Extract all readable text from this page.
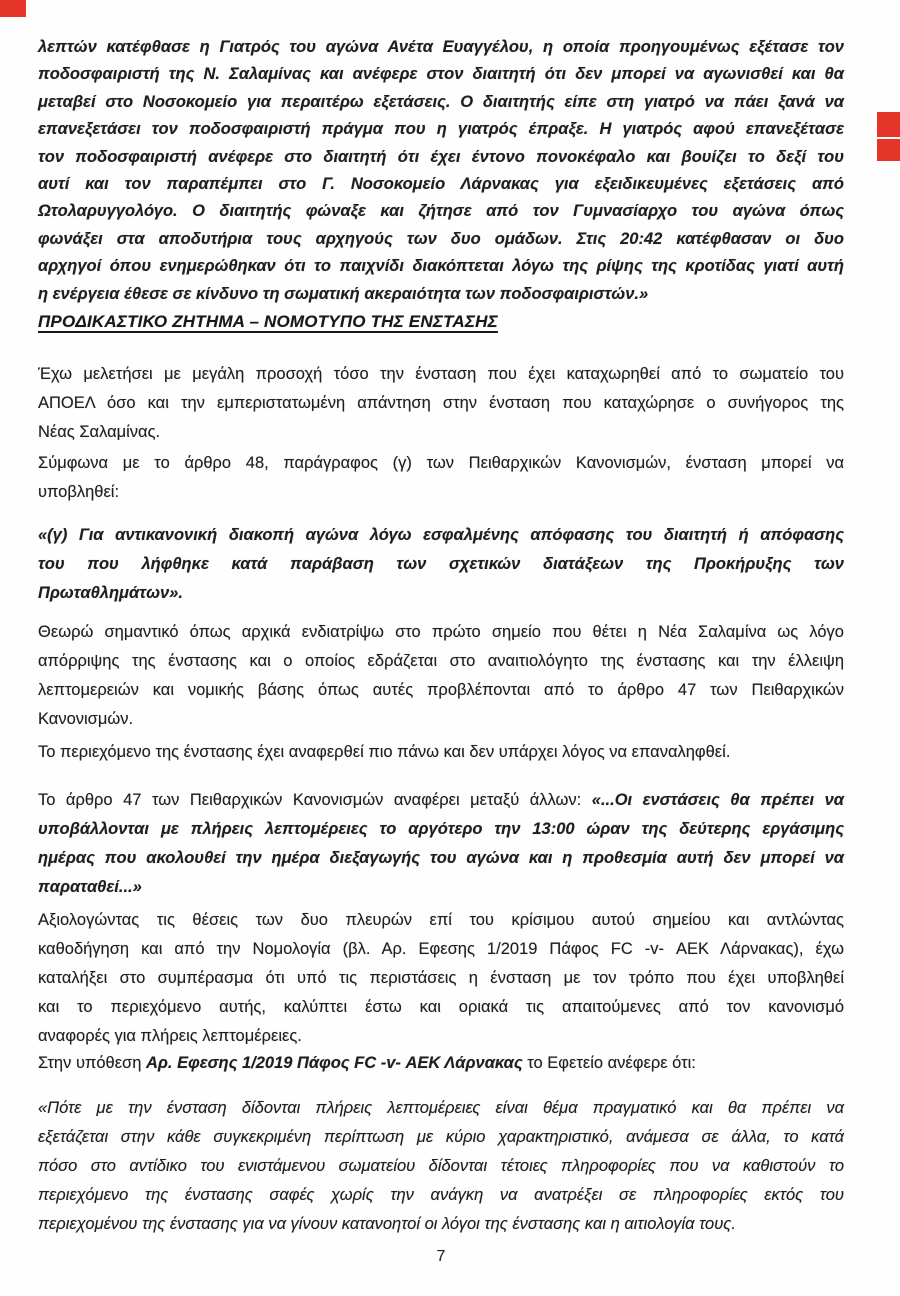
ΠΡΟΔΙΚΑΣΤΙΚΟ ΖΗΤΗΜΑ – ΝΟΜΟΤΥΠΟ ΤΗΣ ΕΝΣΤΑΣΗΣ
λεπτών κατέφθασε η Γιατρός του αγώνα Ανέτα Ευαγγέλου, η οποία προηγουμένως εξέτασε τον
ποδοσφαιριστή της Ν. Σαλαμίνας και ανέφερε στον διαιτητή ότι δεν μπορεί να αγωνισθεί και θα
μεταβεί στο Νοσοκομείο για περαιτέρω εξετάσεις. Ο διαιτητής είπε στη γιατρό να πάει ξανά να
επανεξετάσει τον ποδοσφαιριστή πράγμα που η γιατρός έπραξε. Η γιατρός αφού επανεξέτασε
τον ποδοσφαιριστή ανέφερε στο διαιτητή ότι έχει έντονο πονοκέφαλο και βουίζει το δεξί του
αυτί και τον παραπέμπει στο Γ. Νοσοκομείο Λάρνακας για εξειδικευμένες εξετάσεις από
Ωτολαρυγγολόγο. Ο διαιτητής φώναξε και ζήτησε από τον Γυμνασίαρχο του αγώνα όπως
φωνάξει στα αποδυτήρια τους αρχηγούς των δυο ομάδων. Στις 20:42 κατέφθασαν οι δυο
αρχηγοί όπου ενημερώθηκαν ότι το παιχνίδι διακόπτεται λόγω της ρίψης της κροτίδας γιατί αυτή
η ενέργεια έθεσε σε κίνδυνο τη σωματική ακεραιότητα των ποδοσφαιριστών.»
Έχω μελετήσει με μεγάλη προσοχή τόσο την ένσταση που έχει καταχωρηθεί από το σωματείο του
ΑΠΟΕΛ όσο και την εμπεριστατωμένη απάντηση στην ένσταση που καταχώρησε ο συνήγορος της
Νέας Σαλαμίνας.
Σύμφωνα με το άρθρο 48, παράγραφος (γ) των Πειθαρχικών Κανονισμών, ένσταση μπορεί να
υποβληθεί:
«(γ) Για αντικανονική διακοπή αγώνα λόγω εσφαλμένης απόφασης του διαιτητή ή απόφασης
του που λήφθηκε κατά παράβαση των σχετικών διατάξεων της Προκήρυξης των
Πρωταθλημάτων».
Θεωρώ σημαντικό όπως αρχικά ενδιατρίψω στο πρώτο σημείο που θέτει η Νέα Σαλαμίνα ως λόγο
απόρριψης της ένστασης και ο οποίος εδράζεται στο αναιτιολόγητο της ένστασης και την έλλειψη
λεπτομερειών και νομικής βάσης όπως αυτές προβλέπονται από το άρθρο 47 των Πειθαρχικών
Κανονισμών.
Το περιεχόμενο της ένστασης έχει αναφερθεί πιο πάνω και δεν υπάρχει λόγος να επαναληφθεί.
Το άρθρο 47 των Πειθαρχικών Κανονισμών αναφέρει μεταξύ άλλων: «...Οι ενστάσεις θα πρέπει να
υποβάλλονται με πλήρεις λεπτομέρειες το αργότερο την 13:00 ώραν της δεύτερης εργάσιμης
ημέρας που ακολουθεί την ημέρα διεξαγωγής του αγώνα και η προθεσμία αυτή δεν μπορεί να
παραταθεί...»
Αξιολογώντας τις θέσεις των δυο πλευρών επί του κρίσιμου αυτού σημείου και αντλώντας
καθοδήγηση και από την Νομολογία (βλ. Αρ. Εφεσης 1/2019 Πάφος FC -v- ΑΕΚ Λάρνακας), έχω
καταλήξει στο συμπέρασμα ότι υπό τις περιστάσεις η ένσταση με τον τρόπο που έχει υποβληθεί
και το περιεχόμενο αυτής, καλύπτει έστω και οριακά τις απαιτούμενες από τον κανονισμό
αναφορές για πλήρεις λεπτομέρειες.
Στην υπόθεση Αρ. Εφεσης 1/2019 Πάφος FC -v- ΑΕΚ Λάρνακας το Εφετείο ανέφερε ότι:
«Πότε με την ένσταση δίδονται πλήρεις λεπτομέρειες είναι θέμα πραγματικό και θα πρέπει να
εξετάζεται στην κάθε συγκεκριμένη περίπτωση με κύριο χαρακτηριστικό, ανάμεσα σε άλλα, το κατά
πόσο στο αντίδικο του ενιστάμενου σωματείου δίδονται τέτοιες πληροφορίες που να καθιστούν το
περιεχόμενο της ένστασης σαφές χωρίς την ανάγκη να ανατρέξει σε πληροφορίες εκτός του
περιεχομένου της ένστασης για να γίνουν κατανοητοί οι λόγοι της ένστασης και η αιτιολογία τους.
7
